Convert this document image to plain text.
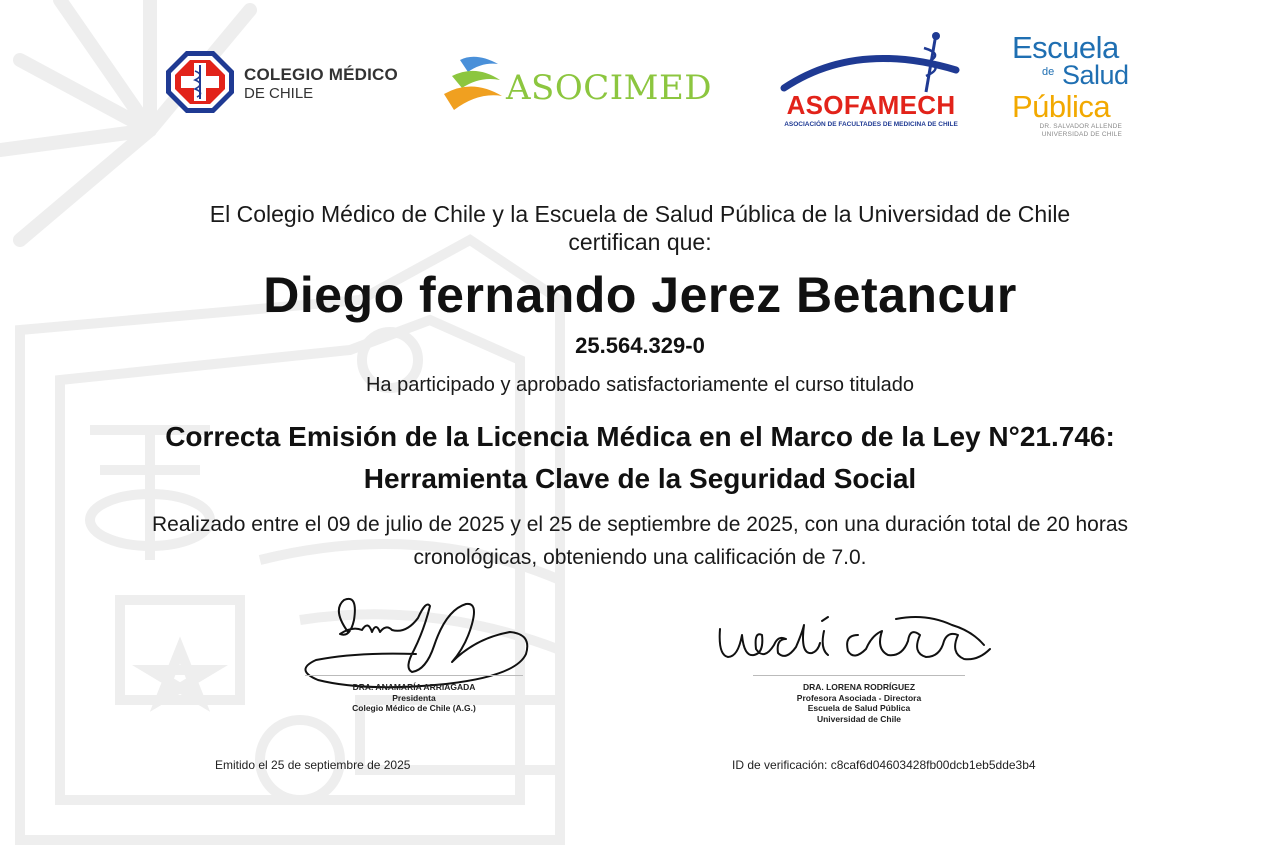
COLEGIO MÉDICO
DE CHILE	ASOCIMED	ASOFAMECH
ASOCIACIÓN DE FACULTADES DE MEDICINA DE CHILE
Escuela
de Salud
Pública
DR. SALVADOR ALLENDE
UNIVERSIDAD DE CHILE
El Colegio Médico de Chile y la Escuela de Salud Pública de la Universidad de Chile
certifican que:
Diego fernando Jerez Betancur
25.564.329-0
Ha participado y aprobado satisfactoriamente el curso titulado
Correcta Emisión de la Licencia Médica en el Marco de la Ley N°21.746:
Herramienta Clave de la Seguridad Social
Realizado entre el 09 de julio de 2025 y el 25 de septiembre de 2025, con una duración total de 20 horas
cronológicas, obteniendo una calificación de 7.0.
DRA. ANAMARÍA ARRIAGADA
Presidenta
Colegio Médico de Chile (A.G.)
DRA. LORENA RODRÍGUEZ
Profesora Asociada - Directora
Escuela de Salud Pública
Universidad de Chile
Emitido el 25 de septiembre de 2025	ID de verificación: c8caf6d04603428fb00dcb1eb5dde3b4
